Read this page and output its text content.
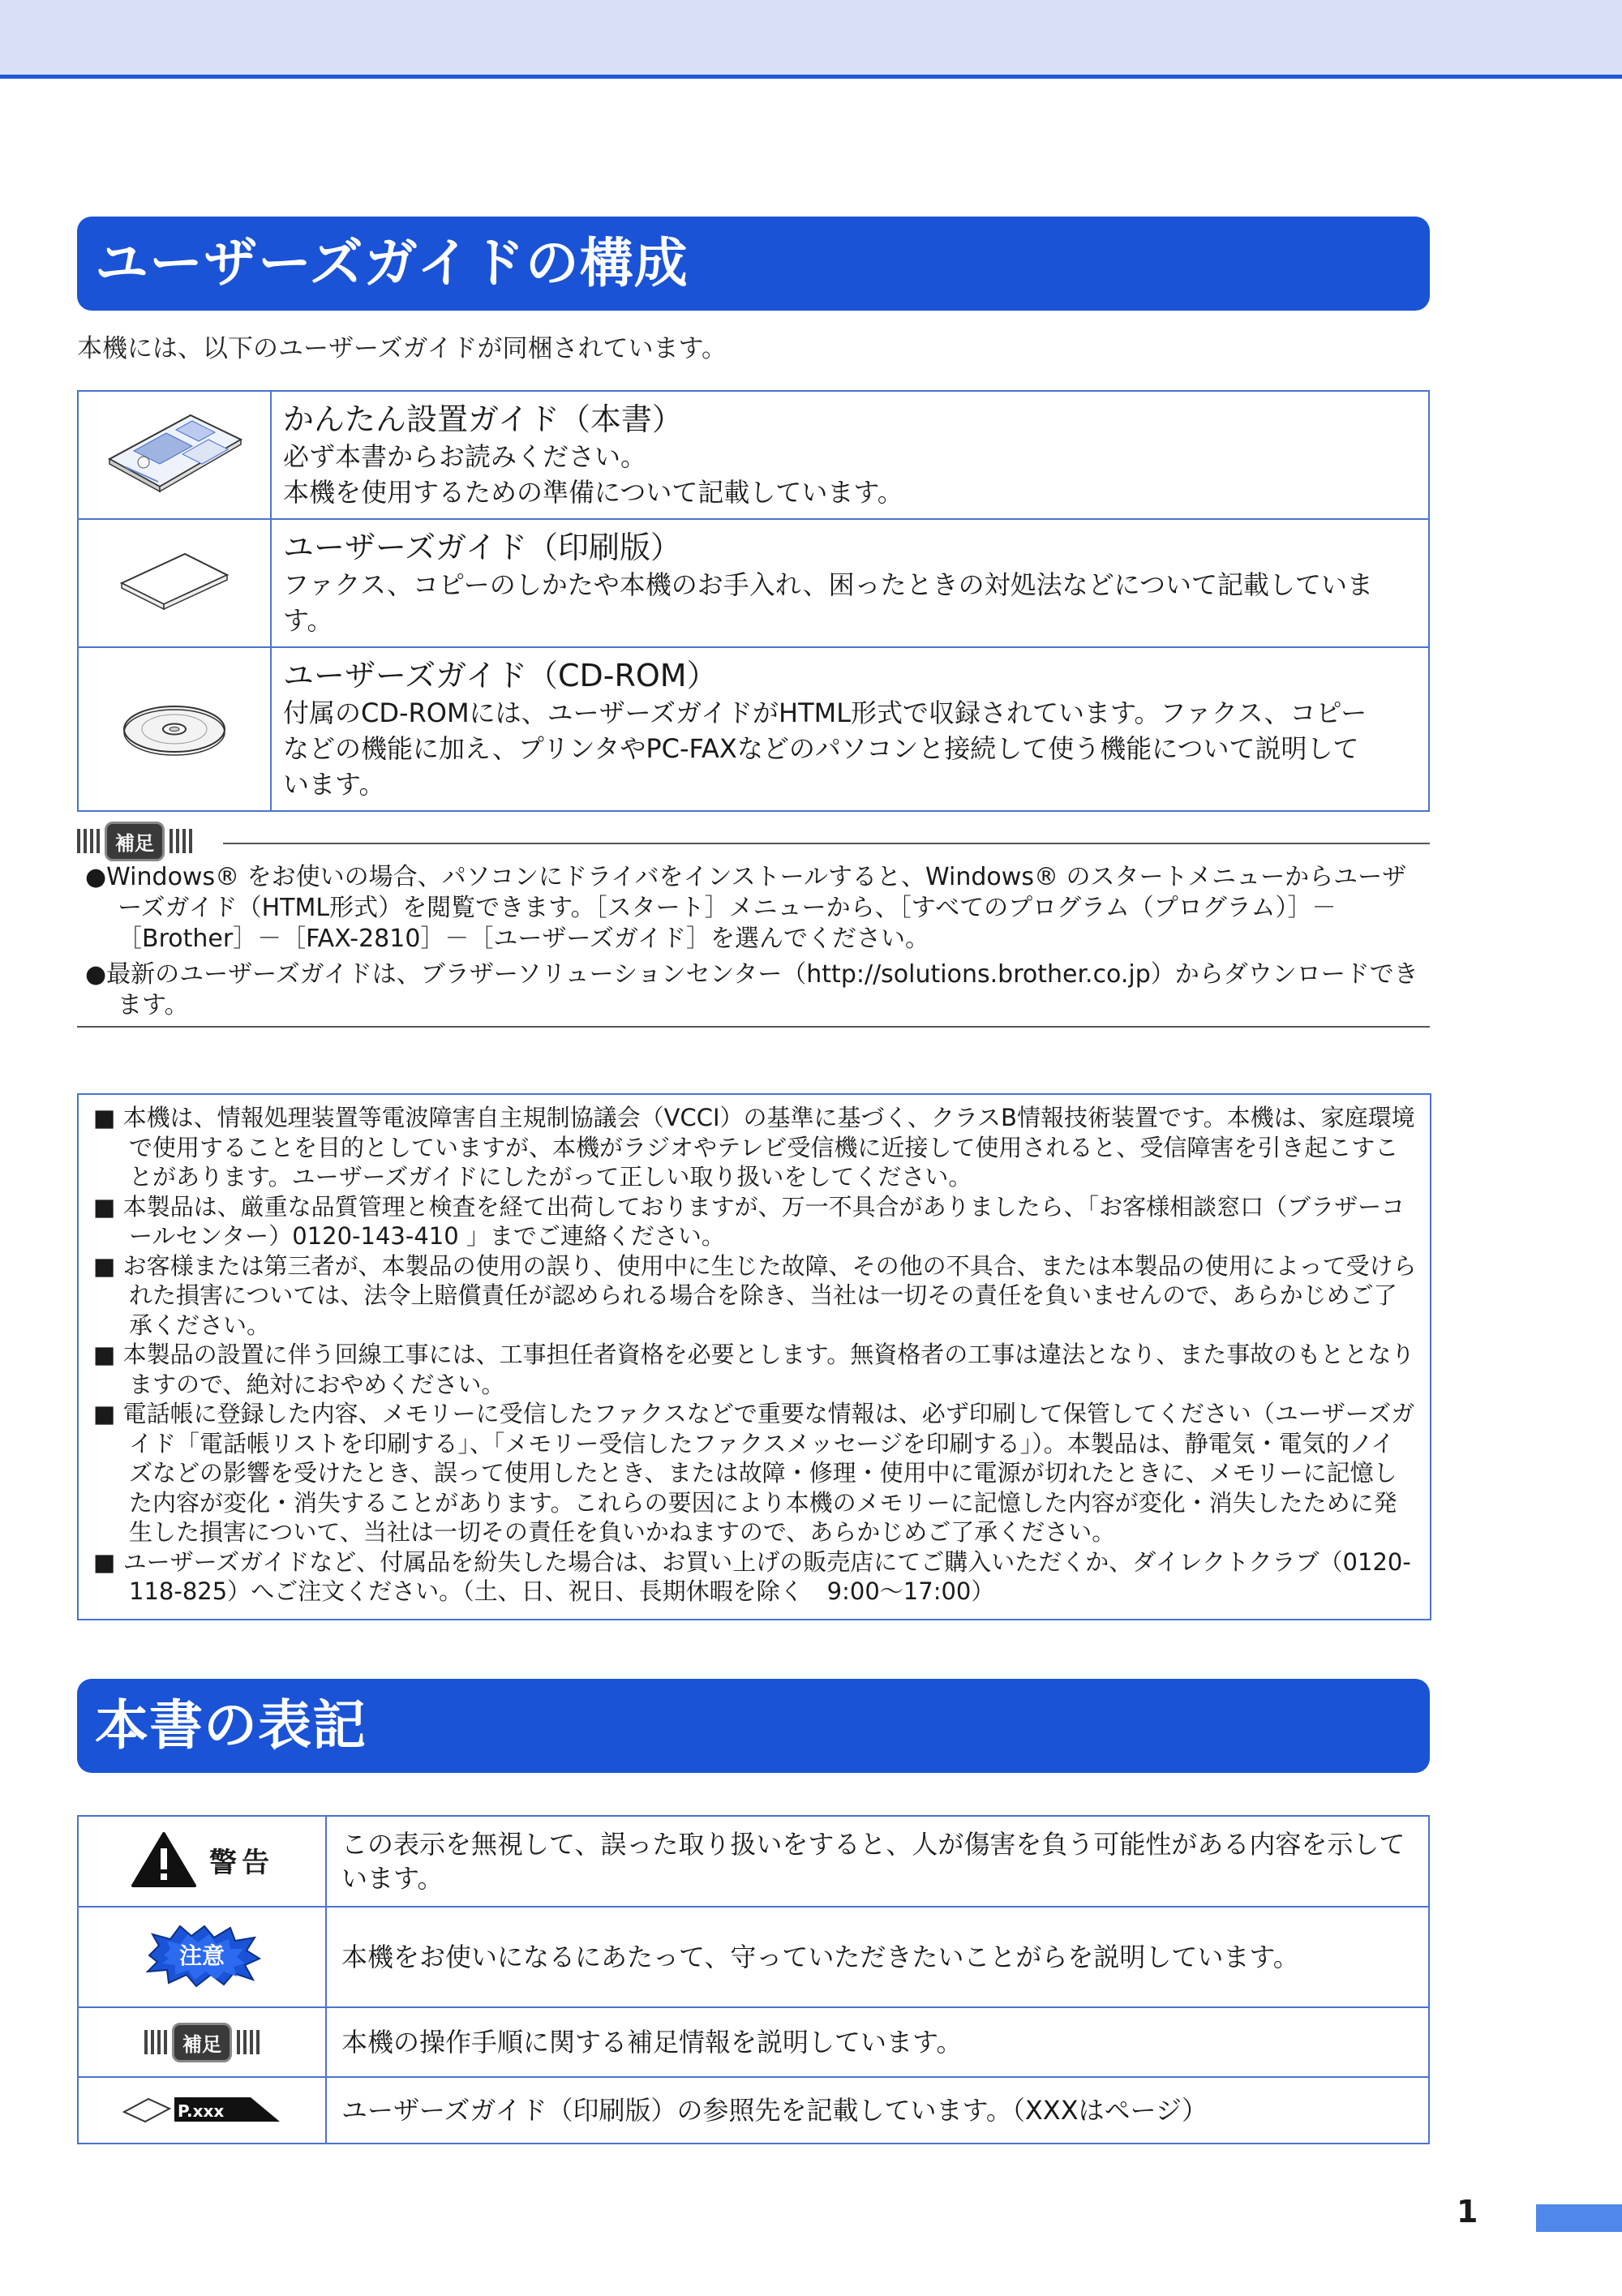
ユーザーズガイドの構成
本機には、以下のユーザーズガイドが同梱されています。

かんたん設置ガイド（本書）
必ず本書からお読みください。
本機を使用するための準備について記載しています。

ユーザーズガイド（印刷版）
ファクス、コピーのしかたや本機のお手入れ、困ったときの対処法などについて記載しています。

ユーザーズガイド（CD-ROM）
付属のCD-ROMには、ユーザーズガイドがHTML形式で収録されています。ファクス、コピー
などの機能に加え、プリンタやPC-FAXなどのパソコンと接続して使う機能について説明して
います。
補足
●Windows® をお使いの場合、パソコンにドライバをインストールすると、Windows® のスタートメニューからユーザーズガイド（HTML形式）を閲覧できます。［スタート］メニューから、［すべてのプログラム（プログラム）］－［Brother］－［FAX-2810］－［ユーザーズガイド］を選んでください。
●最新のユーザーズガイドは、ブラザーソリューションセンター（http://solutions.brother.co.jp）からダウンロードできます。
■ 本機は、情報処理装置等電波障害自主規制協議会（VCCI）の基準に基づく、クラスB情報技術装置です。本機は、家庭環境で使用することを目的としていますが、本機がラジオやテレビ受信機に近接して使用されると、受信障害を引き起こすことがあります。ユーザーズガイドにしたがって正しい取り扱いをしてください。
■ 本製品は、厳重な品質管理と検査を経て出荷しておりますが、万一不具合がありましたら、「お客様相談窓口（ブラザーコールセンター）0120-143-410 」までご連絡ください。
■ お客様または第三者が、本製品の使用の誤り、使用中に生じた故障、その他の不具合、または本製品の使用によって受けられた損害については、法令上賠償責任が認められる場合を除き、当社は一切その責任を負いませんので、あらかじめご了承ください。
■ 本製品の設置に伴う回線工事には、工事担任者資格を必要とします。無資格者の工事は違法となり、また事故のもととなりますので、絶対におやめください。
■ 電話帳に登録した内容、メモリーに受信したファクスなどで重要な情報は、必ず印刷して保管してください（ユーザーズガイド「電話帳リストを印刷する」、「メモリー受信したファクスメッセージを印刷する」）。本製品は、静電気・電気的ノイズなどの影響を受けたとき、誤って使用したとき、または故障・修理・使用中に電源が切れたときに、メモリーに記憶した内容が変化・消失することがあります。これらの要因により本機のメモリーに記憶した内容が変化・消失したために発生した損害について、当社は一切その責任を負いかねますので、あらかじめご了承ください。
■ ユーザーズガイドなど、付属品を紛失した場合は、お買い上げの販売店にてご購入いただくか、ダイレクトクラブ（0120-118-825）へご注文ください。（土、日、祝日、長期休暇を除く　9:00～17:00）
本書の表記
警告	この表示を無視して、誤った取り扱いをすると、人が傷害を負う可能性がある内容を示しています。

注意	本機をお使いになるにあたって、守っていただきたいことがらを説明しています。

補足	本機の操作手順に関する補足情報を説明しています。

P.xxx	ユーザーズガイド（印刷版）の参照先を記載しています。（XXXはページ）
1
